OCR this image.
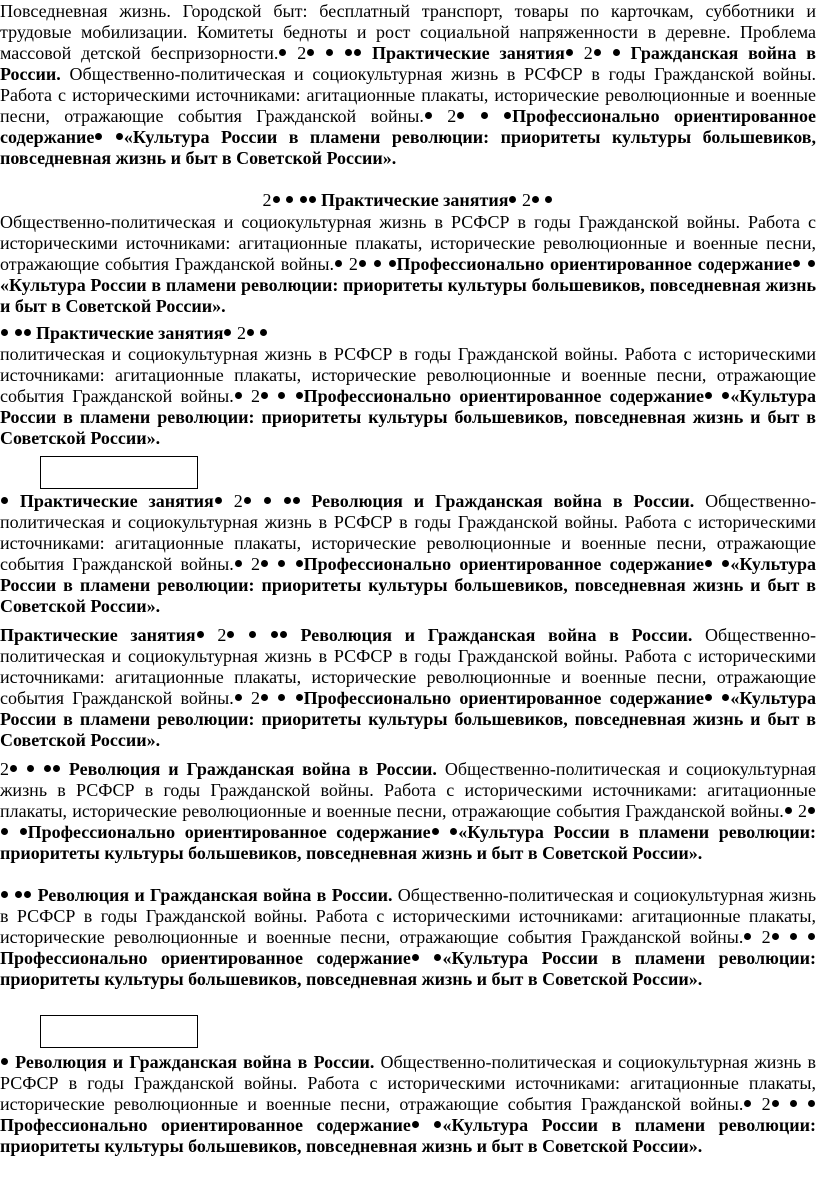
Повседневная жизнь. Городской быт: бесплатный транспорт, товары по карточкам, субботники и трудовые мобилизации. Комитеты бедноты и рост социальной напряженности в деревне. Проблема массовой детской беспризорности. 2	Практические занятия 2 Гражданская война в России. Общественно-политическая и социокультурная жизнь в РСФСР в годы Гражданской войны. Работа с историческими источниками: агитационные плакаты, исторические революционные и военные песни, отражающие события Гражданской войны. 2	Профессионально ориентированное содержание «Культура России в пламени революции: приоритеты культуры большевиков, повседневная жизнь и быт в Советской России».

2	Практические занятия 2

Общественно-политическая и социокультурная жизнь в РСФСР в годы Гражданской войны. Работа с историческими источниками: агитационные плакаты, исторические революционные и военные песни, отражающие события Гражданской войны. 2 Профессионально ориентированное содержание «Культура России в пламени революции: приоритеты культуры большевиков, повседневная жизнь и быт в Советской России».

Практические занятия 2
политическая и социокультурная жизнь в РСФСР в годы Гражданской войны. Работа с историческими источниками: агитационные плакаты, исторические революционные и военные песни, отражающие события Гражданской войны. 2 Профессионально ориентированное содержание «Культура России в пламени революции: приоритеты культуры большевиков, повседневная жизнь и быт в Советской России».

Практические занятия 2	Революция и Гражданская война в России. Общественно-политическая и социокультурная жизнь в РСФСР в годы Гражданской войны. Работа с историческими источниками: агитационные плакаты, исторические революционные и военные песни, отражающие события Гражданской войны. 2 Профессионально ориентированное содержание «Культура России в пламени революции: приоритеты культуры большевиков, повседневная жизнь и быт в Советской России».

Практические занятия 2	Революция и Гражданская война в России. Общественно-политическая и социокультурная жизнь в РСФСР в годы Гражданской войны. Работа с историческими источниками: агитационные плакаты, исторические революционные и военные песни, отражающие события Гражданской войны. 2 Профессионально ориентированное содержание «Культура России в пламени революции: приоритеты культуры большевиков, повседневная жизнь и быт в Советской России».

2	Революция и Гражданская война в России. Общественно-политическая и социокультурная жизнь в РСФСР в годы Гражданской войны. Работа с историческими источниками: агитационные плакаты, исторические революционные и военные песни, отражающие события Гражданской войны. 2  Профессионально ориентированное содержание «Культура России в пламени революции: приоритеты культуры большевиков, повседневная жизнь и быт в Советской России».

Революция и Гражданская война в России. Общественно-политическая и социокультурная жизнь в РСФСР в годы Гражданской войны. Работа с историческими источниками: агитационные плакаты, исторические революционные и военные песни, отражающие события Гражданской войны. 2  Профессионально ориентированное содержание «Культура России в пламени революции: приоритеты культуры большевиков, повседневная жизнь и быт в Советской России».

Революция и Гражданская война в России. Общественно-политическая и социокультурная жизнь в РСФСР в годы Гражданской войны. Работа с историческими источниками: агитационные плакаты, исторические революционные и военные песни, отражающие события Гражданской войны. 2  Профессионально ориентированное содержание «Культура России в пламени революции: приоритеты культуры большевиков, повседневная жизнь и быт в Советской России».
